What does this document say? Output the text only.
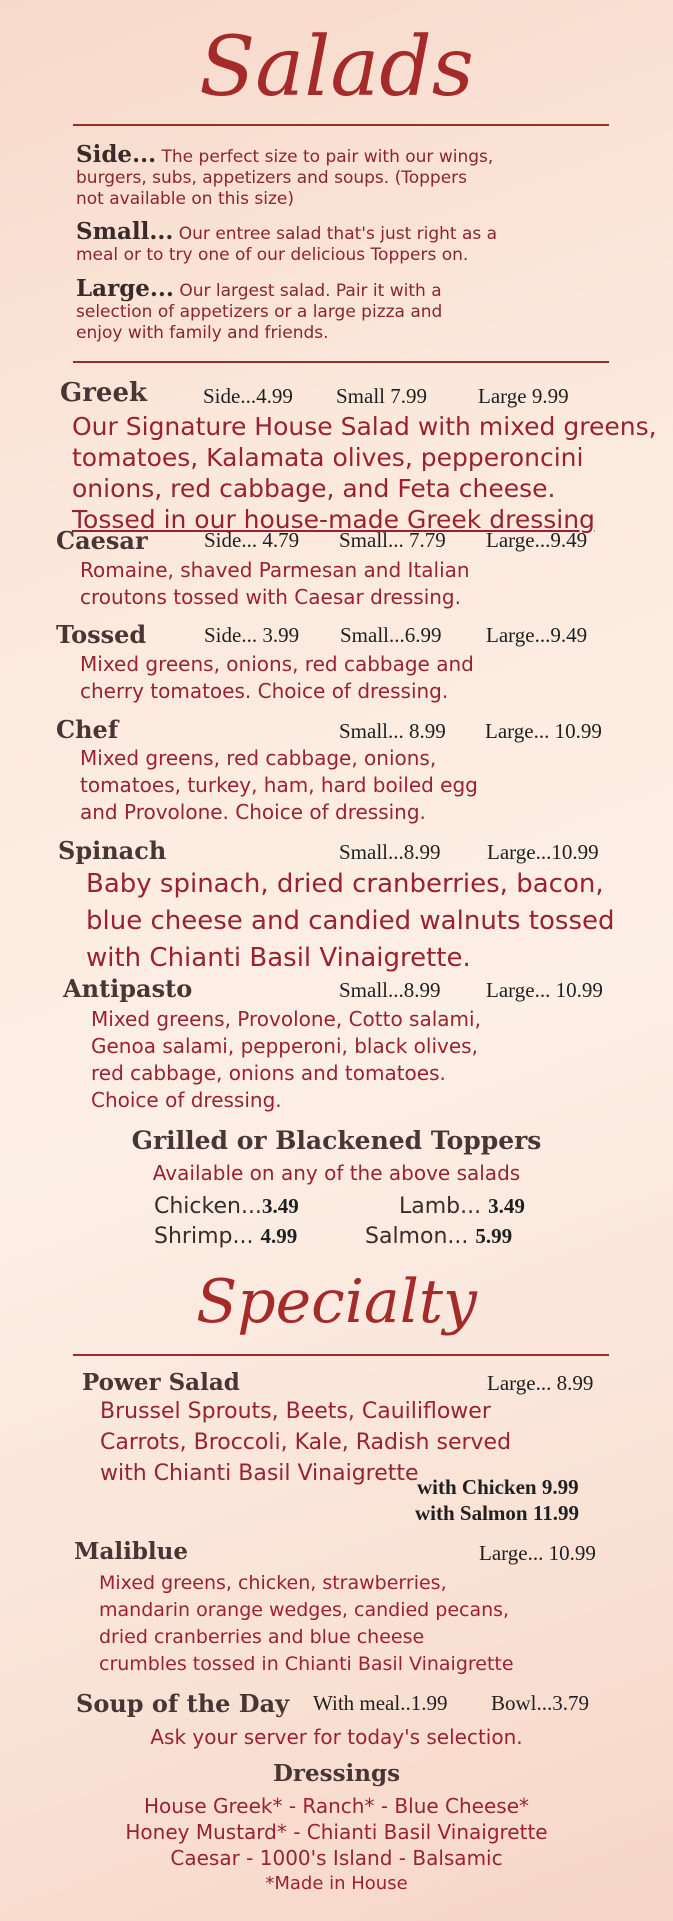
Salads
Side... The perfect size to pair with our wings,
burgers, subs, appetizers and soups. (Toppers
not available on this size)
Small... Our entree salad that's just right as a
meal or to try one of our delicious Toppers on.
Large... Our largest salad. Pair it with a
selection of appetizers or a large pizza and
enjoy with family and friends.
Greek	Side...4.99 Small 7.99 Large 9.99
Our Signature House Salad with mixed greens,
tomatoes, Kalamata olives, pepperoncini
onions, red cabbage, and Feta cheese.
Tossed in our house-made Greek dressing
Caesar	Side... 4.79 Small... 7.79 Large...9.49
Romaine, shaved Parmesan and Italian
croutons tossed with Caesar dressing.
Tossed	Side... 3.99 Small...6.99 Large...9.49
Mixed greens, onions, red cabbage and
cherry tomatoes. Choice of dressing.
Chef	Small... 8.99 Large... 10.99
Mixed greens, red cabbage, onions,
tomatoes, turkey, ham, hard boiled egg
and Provolone. Choice of dressing.
Spinach	Small...8.99 Large...10.99
Baby spinach, dried cranberries, bacon,
blue cheese and candied walnuts tossed
with Chianti Basil Vinaigrette.
Antipasto	Small...8.99 Large... 10.99
Mixed greens, Provolone, Cotto salami,
Genoa salami, pepperoni, black olives,
red cabbage, onions and tomatoes.
Choice of dressing.
Grilled or Blackened Toppers
Available on any of the above salads
Chicken...3.49	Lamb... 3.49
Shrimp... 4.99	Salmon... 5.99
Specialty
Power Salad	Large... 8.99
Brussel Sprouts, Beets, Cauiliflower
Carrots, Broccoli, Kale, Radish served
with Chianti Basil Vinaigrette
with Chicken 9.99
with Salmon 11.99
Maliblue	Large... 10.99
Mixed greens, chicken, strawberries,
mandarin orange wedges, candied pecans,
dried cranberries and blue cheese
crumbles tossed in Chianti Basil Vinaigrette
Soup of the Day With meal..1.99 Bowl...3.79
Ask your server for today's selection.
Dressings
House Greek* - Ranch* - Blue Cheese*
Honey Mustard* - Chianti Basil Vinaigrette
Caesar - 1000's Island - Balsamic
*Made in House
